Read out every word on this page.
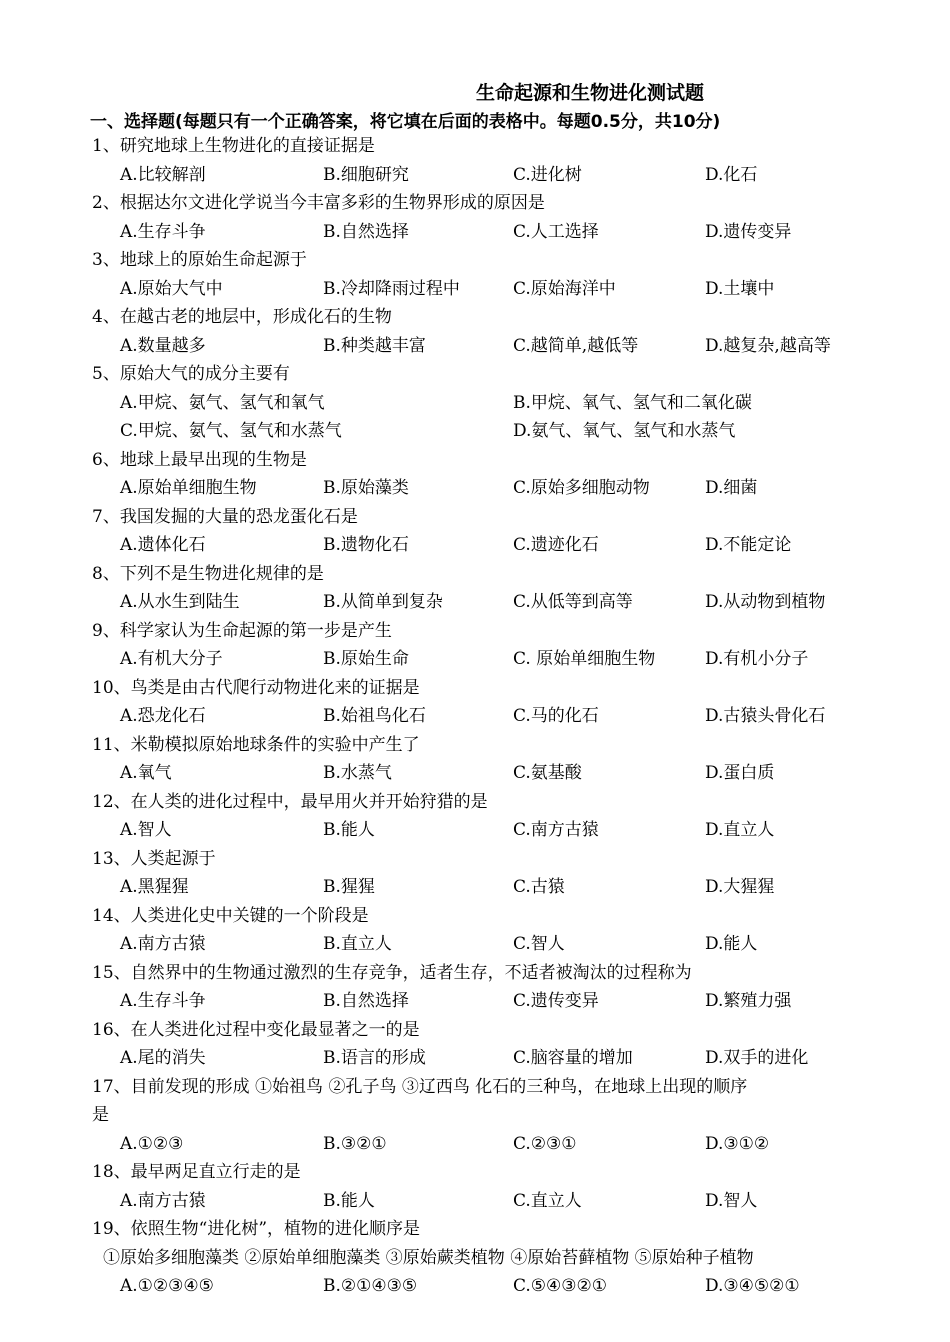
生命起源和生物进化测试题
一、选择题(每题只有一个正确答案，将它填在后面的表格中。每题0.5分，共10分)
1、研究地球上生物进化的直接证据是
A.比较解剖	B.细胞研究	C.进化树	D.化石
2、根据达尔文进化学说当今丰富多彩的生物界形成的原因是
A.生存斗争	B.自然选择	C.人工选择	D.遗传变异
3、地球上的原始生命起源于
A.原始大气中	B.冷却降雨过程中	C.原始海洋中	D.土壤中
4、在越古老的地层中，形成化石的生物
A.数量越多	B.种类越丰富	C.越简单,越低等	D.越复杂,越高等
5、原始大气的成分主要有
A.甲烷、氨气、氢气和氧气	B.甲烷、氧气、氢气和二氧化碳
C.甲烷、氨气、氢气和水蒸气	D.氨气、氧气、氢气和水蒸气
6、地球上最早出现的生物是
A.原始单细胞生物	B.原始藻类	C.原始多细胞动物	D.细菌
7、我国发掘的大量的恐龙蛋化石是
A.遗体化石	B.遗物化石	C.遗迹化石	D.不能定论
8、下列不是生物进化规律的是
A.从水生到陆生	B.从简单到复杂	C.从低等到高等	D.从动物到植物
9、科学家认为生命起源的第一步是产生
A.有机大分子	B.原始生命	C. 原始单细胞生物	D.有机小分子
10、鸟类是由古代爬行动物进化来的证据是
A.恐龙化石	B.始祖鸟化石	C.马的化石	D.古猿头骨化石
11、米勒模拟原始地球条件的实验中产生了
A.氧气	B.水蒸气	C.氨基酸	D.蛋白质
12、在人类的进化过程中，最早用火并开始狩猎的是
A.智人	B.能人	C.南方古猿	D.直立人
13、人类起源于
A.黑猩猩	B.猩猩	C.古猿	D.大猩猩
14、人类进化史中关键的一个阶段是
A.南方古猿	B.直立人	C.智人	D.能人
15、自然界中的生物通过激烈的生存竞争，适者生存，不适者被淘汰的过程称为
A.生存斗争	B.自然选择	C.遗传变异	D.繁殖力强
16、在人类进化过程中变化最显著之一的是
A.尾的消失	B.语言的形成	C.脑容量的增加	D.双手的进化
17、目前发现的形成 ①始祖鸟 ②孔子鸟 ③辽西鸟 化石的三种鸟，在地球上出现的顺序
是
A.①②③	B.③②①	C.②③①	D.③①②
18、最早两足直立行走的是
A.南方古猿	B.能人	C.直立人	D.智人
19、依照生物“进化树”，植物的进化顺序是
①原始多细胞藻类 ②原始单细胞藻类 ③原始蕨类植物 ④原始苔藓植物 ⑤原始种子植物
A.①②③④⑤	B.②①④③⑤	C.⑤④③②①	D.③④⑤②①
